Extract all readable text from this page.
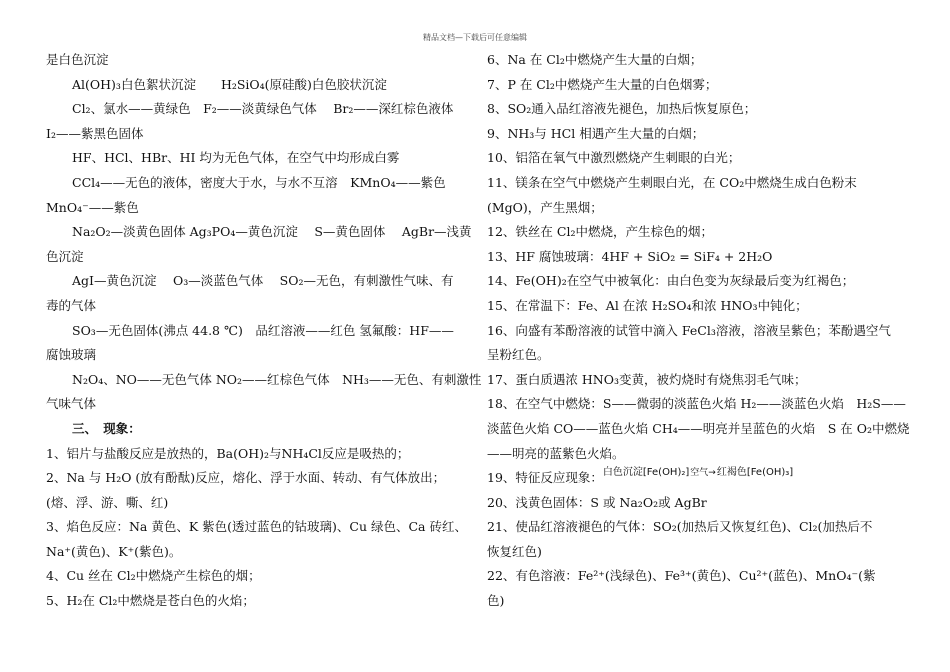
精品文档—下载后可任意编辑
是白色沉淀
Al(OH)₃白色絮状沉淀　　H₂SiO₄(原硅酸)白色胶状沉淀
Cl₂、氯水——黄绿色　F₂——淡黄绿色气体　 Br₂——深红棕色液体
I₂——紫黑色固体
HF、HCl、HBr、HI 均为无色气体，在空气中均形成白雾
CCl₄——无色的液体，密度大于水，与水不互溶　KMnO₄——紫色
MnO₄⁻——紫色
Na₂O₂—淡黄色固体 Ag₃PO₄—黄色沉淀　 S—黄色固体　 AgBr—浅黄
色沉淀
AgI—黄色沉淀　 O₃—淡蓝色气体　 SO₂—无色，有刺激性气味、有
毒的气体
SO₃—无色固体(沸点 44.8 ℃)　品红溶液——红色 氢氟酸：HF——
腐蚀玻璃
N₂O₄、NO——无色气体 NO₂——红棕色气体　NH₃——无色、有刺激性
气味气体
三、　现象：
1、铝片与盐酸反应是放热的，Ba(OH)₂与NH₄Cl反应是吸热的；
2、Na 与 H₂O (放有酚酞)反应，熔化、浮于水面、转动、有气体放出；
(熔、浮、游、嘶、红)
3、焰色反应：Na 黄色、K 紫色(透过蓝色的钴玻璃)、Cu 绿色、Ca 砖红、
Na⁺(黄色)、K⁺(紫色)。
4、Cu 丝在 Cl₂中燃烧产生棕色的烟；
5、H₂在 Cl₂中燃烧是苍白色的火焰；
6、Na 在 Cl₂中燃烧产生大量的白烟；
7、P 在 Cl₂中燃烧产生大量的白色烟雾；
8、SO₂通入品红溶液先褪色，加热后恢复原色；
9、NH₃与 HCl 相遇产生大量的白烟；
10、铝箔在氧气中激烈燃烧产生刺眼的白光；
11、镁条在空气中燃烧产生刺眼白光，在 CO₂中燃烧生成白色粉末
(MgO)，产生黑烟；
12、铁丝在 Cl₂中燃烧，产生棕色的烟；
13、HF 腐蚀玻璃：4HF + SiO₂ = SiF₄ + 2H₂O
14、Fe(OH)₂在空气中被氧化：由白色变为灰绿最后变为红褐色；
15、在常温下：Fe、Al 在浓 H₂SO₄和浓 HNO₃中钝化；
16、向盛有苯酚溶液的试管中滴入 FeCl₃溶液，溶液呈紫色；苯酚遇空气
呈粉红色。
17、蛋白质遇浓 HNO₃变黄，被灼烧时有烧焦羽毛气味；
18、在空气中燃烧：S——微弱的淡蓝色火焰 H₂——淡蓝色火焰　H₂S——
淡蓝色火焰 CO——蓝色火焰 CH₄——明亮并呈蓝色的火焰　S 在 O₂中燃烧
——明亮的蓝紫色火焰。
19、特征反应现象：白色沉淀[Fe(OH)₂]空气→红褐色[Fe(OH)₃]
20、浅黄色固体：S 或 Na₂O₂或 AgBr
21、使品红溶液褪色的气体：SO₂(加热后又恢复红色)、Cl₂(加热后不
恢复红色)
22、有色溶液：Fe²⁺(浅绿色)、Fe³⁺(黄色)、Cu²⁺(蓝色)、MnO₄⁻(紫
色)
